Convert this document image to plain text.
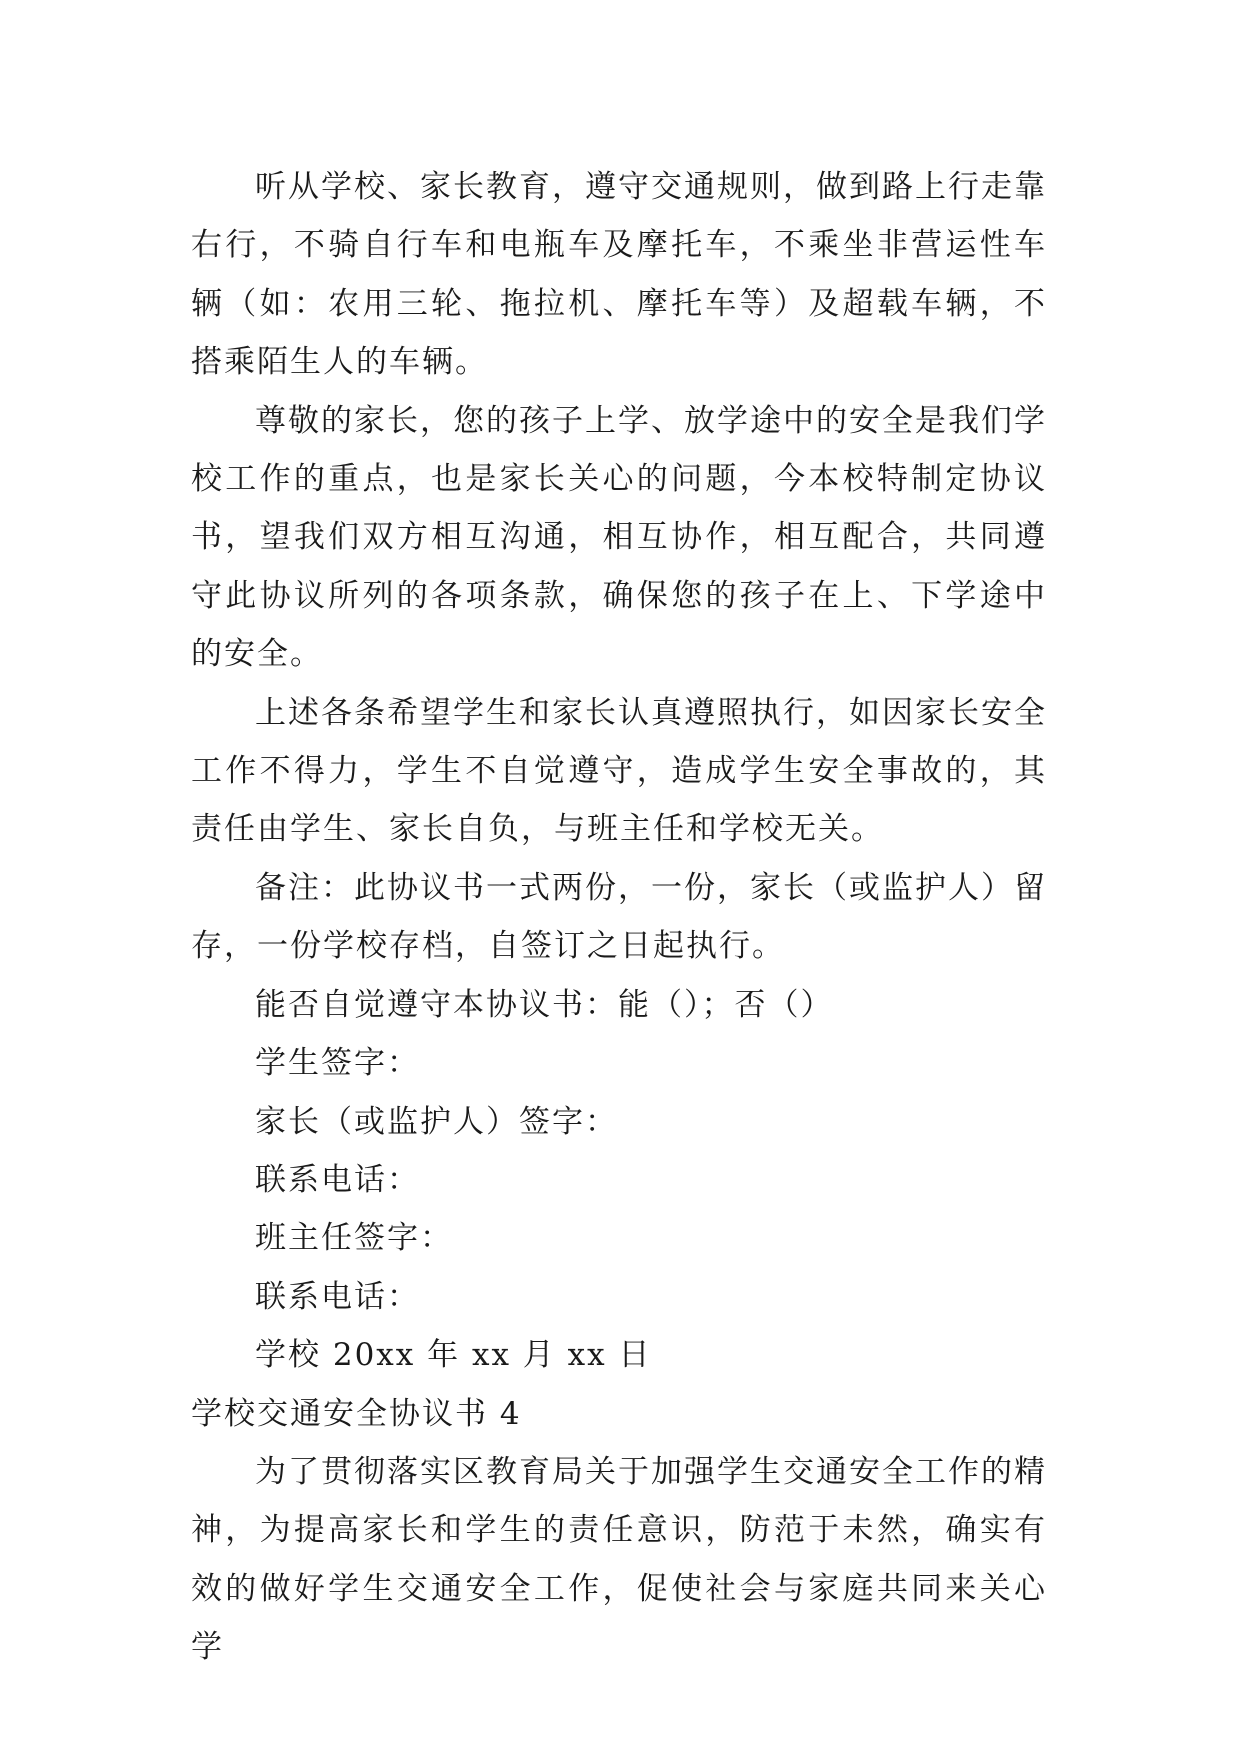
听从学校、家长教育，遵守交通规则，做到路上行走靠右行，不骑自行车和电瓶车及摩托车，不乘坐非营运性车辆（如：农用三轮、拖拉机、摩托车等）及超载车辆，不搭乘陌生人的车辆。

尊敬的家长，您的孩子上学、放学途中的安全是我们学校工作的重点，也是家长关心的问题，今本校特制定协议书，望我们双方相互沟通，相互协作，相互配合，共同遵守此协议所列的各项条款，确保您的孩子在上、下学途中的安全。

上述各条希望学生和家长认真遵照执行，如因家长安全工作不得力，学生不自觉遵守，造成学生安全事故的，其责任由学生、家长自负，与班主任和学校无关。

备注：此协议书一式两份，一份，家长（或监护人）留存，一份学校存档，自签订之日起执行。

能否自觉遵守本协议书：能（）；否（）
学生签字：
家长（或监护人）签字：
联系电话：
班主任签字：
联系电话：
学校 20xx 年 xx 月 xx 日
学校交通安全协议书 4

为了贯彻落实区教育局关于加强学生交通安全工作的精神，为提高家长和学生的责任意识，防范于未然，确实有效的做好学生交通安全工作，促使社会与家庭共同来关心学
